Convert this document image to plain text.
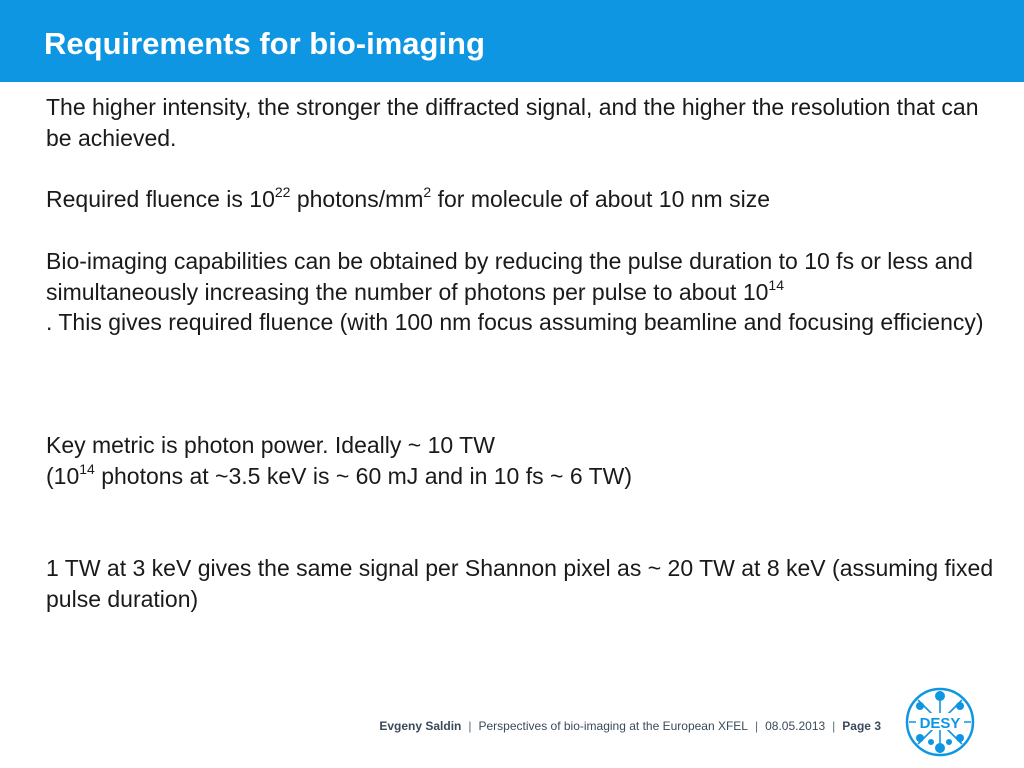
Requirements for bio-imaging
The higher intensity, the stronger the diffracted signal, and the higher the resolution that can be achieved.
Required fluence is $10^{22}$ photons/$mm^2$ for molecule of about 10 nm size
Bio-imaging capabilities can be obtained by reducing the pulse duration to 10 fs or less and simultaneously increasing the number of photons per pulse to about $10^{14}$
. This gives required fluence (with 100 nm focus assuming beamline and focusing efficiency)
Key metric is photon power. Ideally ~ 10 TW
($10^{14}$ photons at ~3.5 keV is ~ 60 mJ and in 10 fs ~ 6 TW)
1 TW at 3 keV gives the same signal per Shannon pixel as ~ 20 TW at 8 keV (assuming fixed pulse duration)
Evgeny Saldin | Perspectives of bio-imaging at the European XFEL | 08.05.2013 | Page 3	DESY
